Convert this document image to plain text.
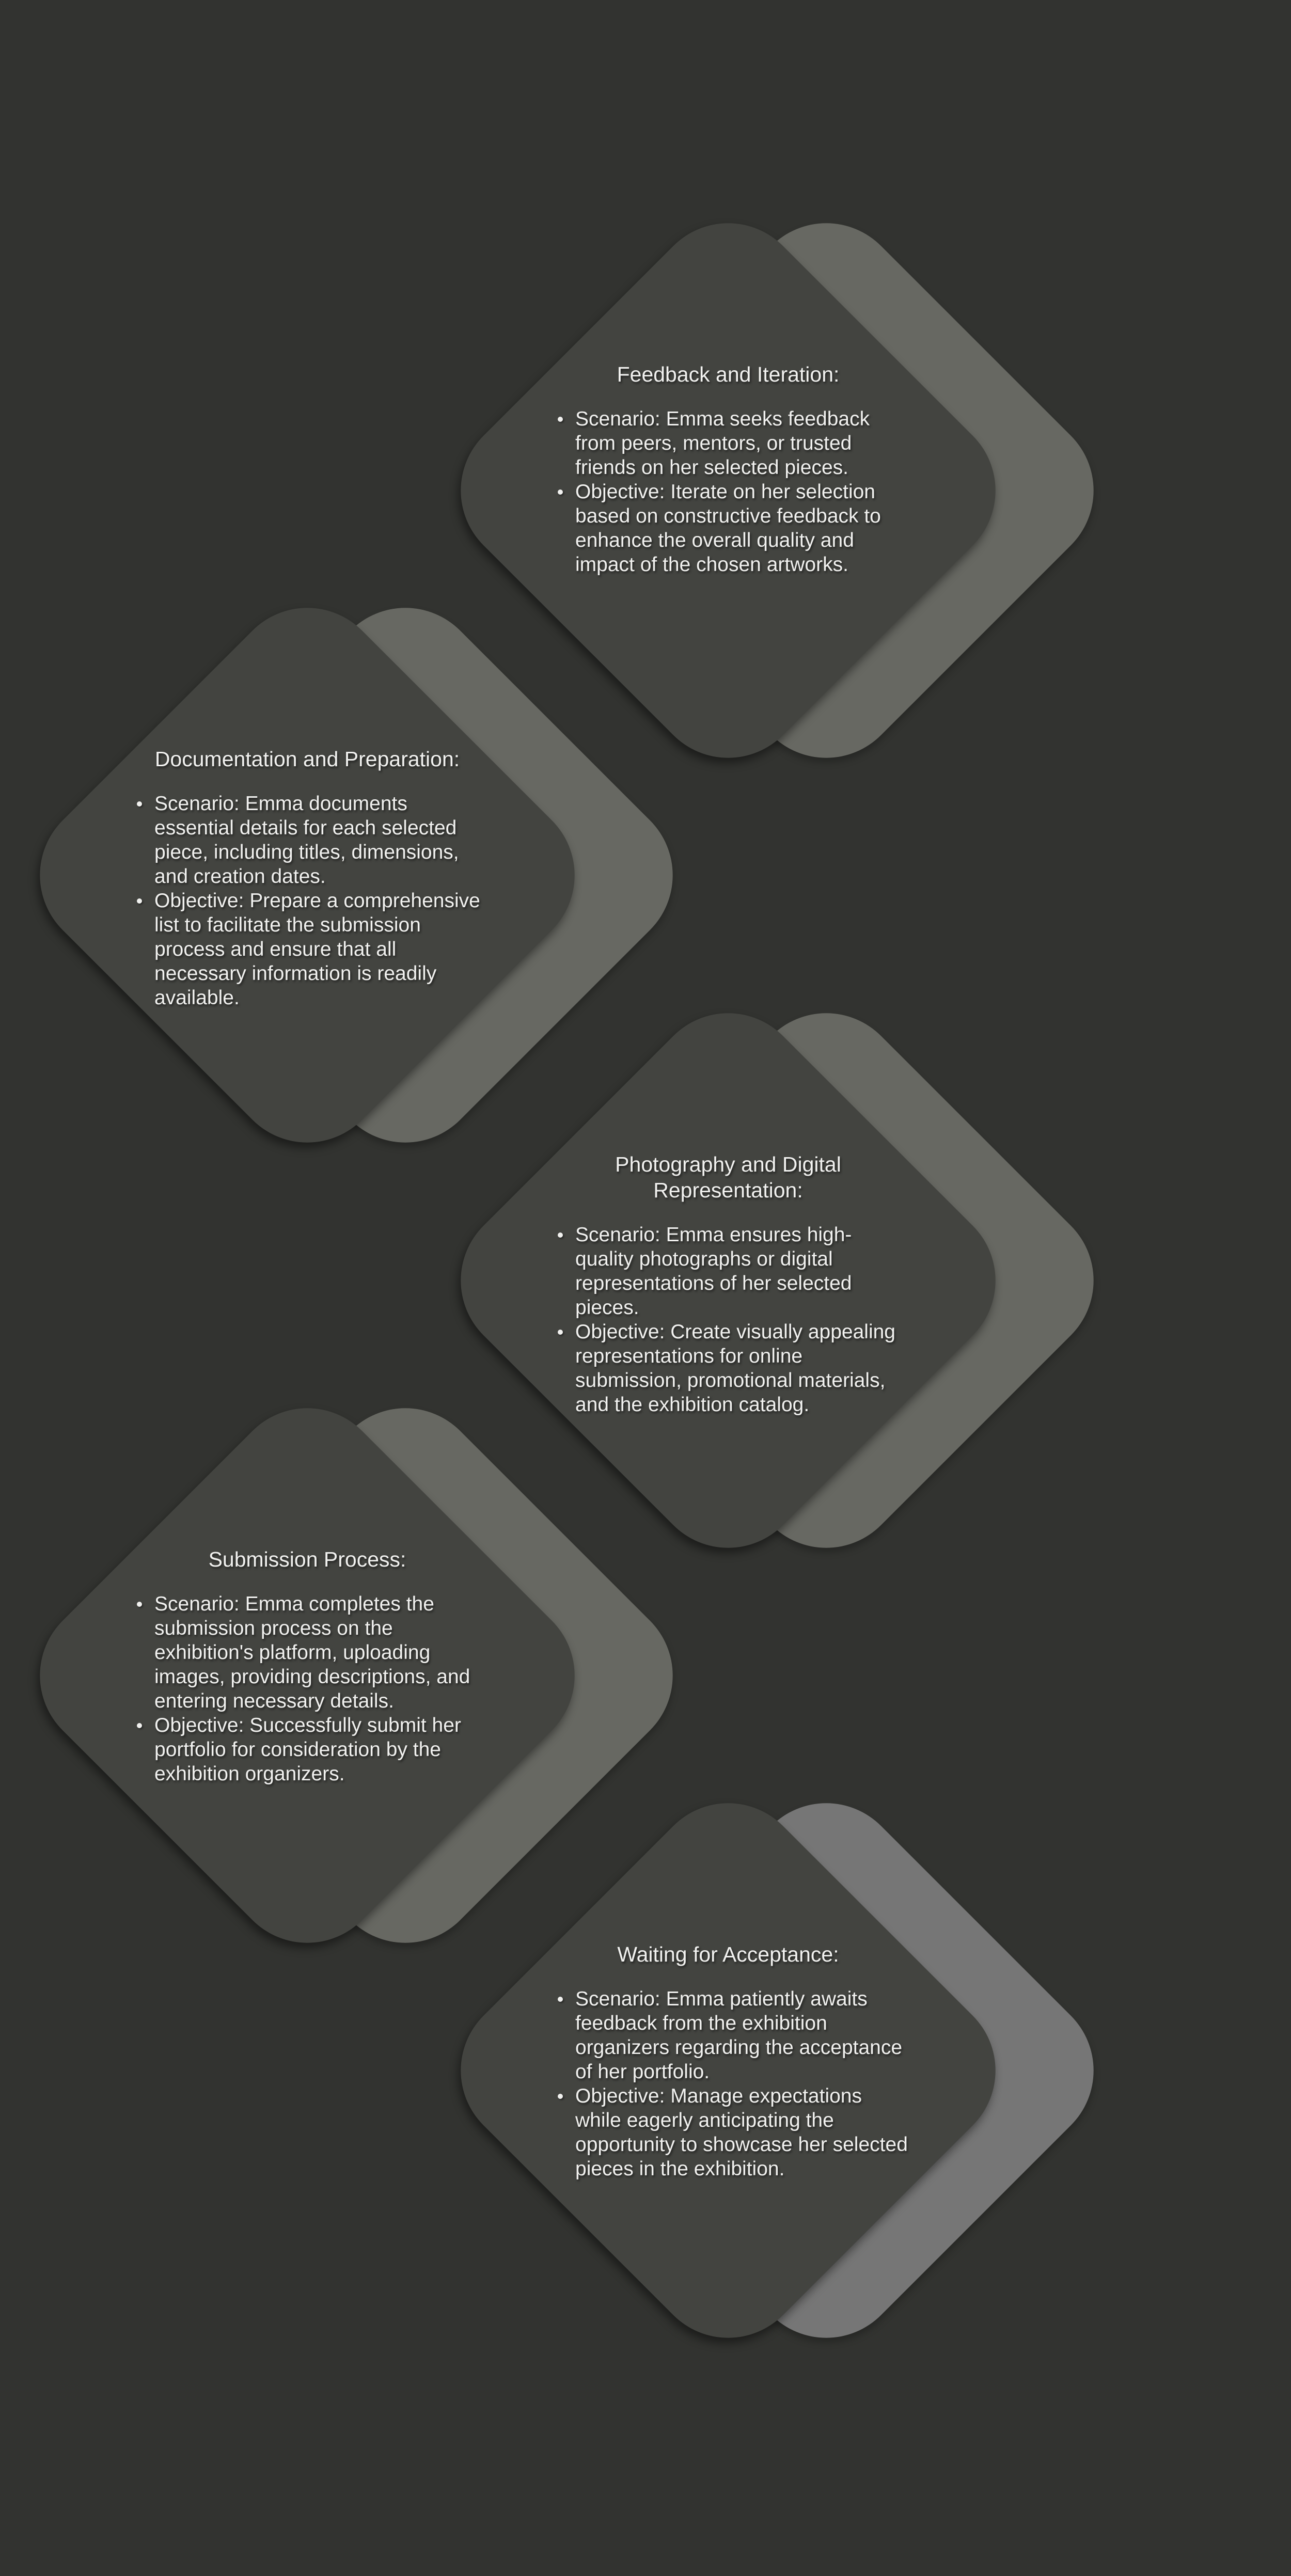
Feedback and Iteration:
Scenario: Emma seeks feedback from peers, mentors, or trusted friends on her selected pieces.
Objective: Iterate on her selection based on constructive feedback to enhance the overall quality and impact of the chosen artworks.
Documentation and Preparation:
Scenario: Emma documents essential details for each selected piece, including titles, dimensions, and creation dates.
Objective: Prepare a comprehensive list to facilitate the submission process and ensure that all necessary information is readily available.
Photography and Digital Representation:
Scenario: Emma ensures high-quality photographs or digital representations of her selected pieces.
Objective: Create visually appealing representations for online submission, promotional materials, and the exhibition catalog.
Submission Process:
Scenario: Emma completes the submission process on the exhibition's platform, uploading images, providing descriptions, and entering necessary details.
Objective: Successfully submit her portfolio for consideration by the exhibition organizers.
Waiting for Acceptance:
Scenario: Emma patiently awaits feedback from the exhibition organizers regarding the acceptance of her portfolio.
Objective: Manage expectations while eagerly anticipating the opportunity to showcase her selected pieces in the exhibition.
